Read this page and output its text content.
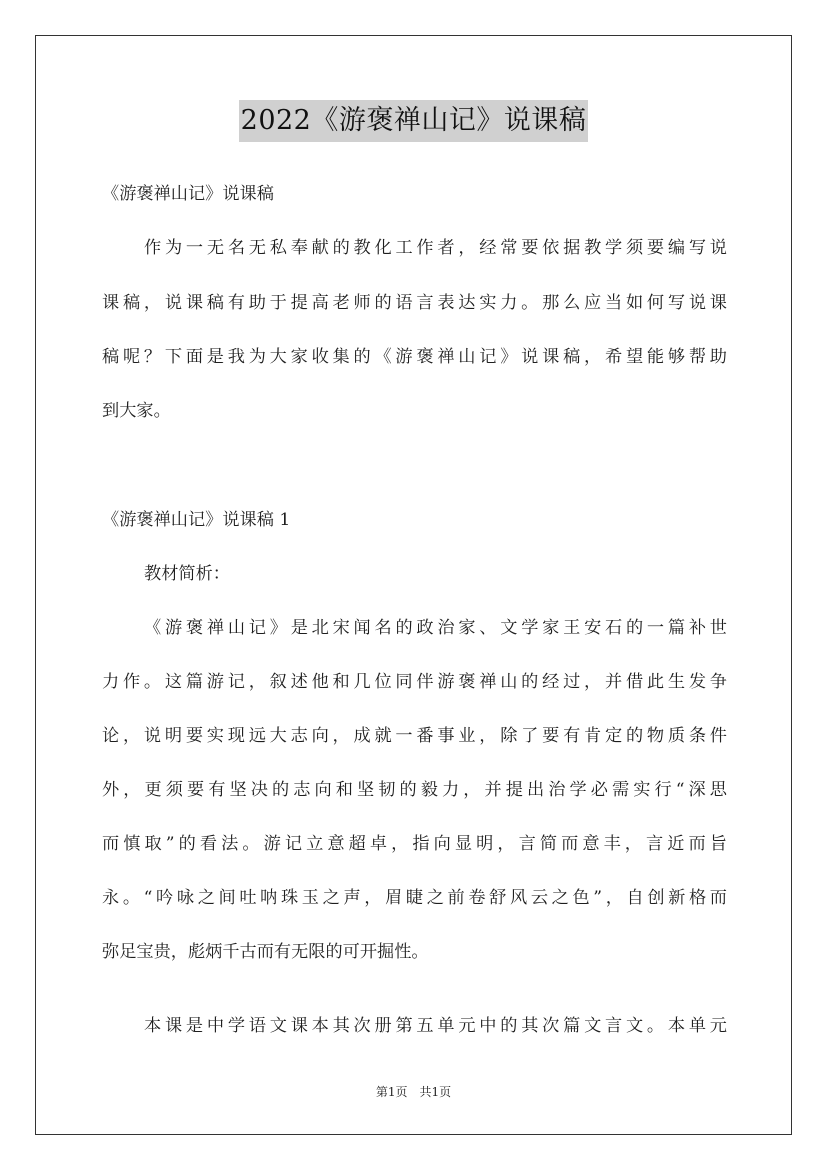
2022《游褒禅山记》说课稿
《游褒禅山记》说课稿
作为一无名无私奉献的教化工作者，经常要依据教学须要编写说
课稿，说课稿有助于提高老师的语言表达实力。那么应当如何写说课
稿呢？下面是我为大家收集的《游褒禅山记》说课稿，希望能够帮助
到大家。
《游褒禅山记》说课稿 1
教材简析：
《游褒禅山记》是北宋闻名的政治家、文学家王安石的一篇补世
力作。这篇游记，叙述他和几位同伴游褒禅山的经过，并借此生发争
论，说明要实现远大志向，成就一番事业，除了要有肯定的物质条件
外，更须要有坚决的志向和坚韧的毅力，并提出治学必需实行“深思
而慎取”的看法。游记立意超卓，指向显明，言简而意丰，言近而旨
永。“吟咏之间吐呐珠玉之声，眉睫之前卷舒风云之色”，自创新格而
弥足宝贵，彪炳千古而有无限的可开掘性。
本课是中学语文课本其次册第五单元中的其次篇文言文。本单元
第1页　共1页
